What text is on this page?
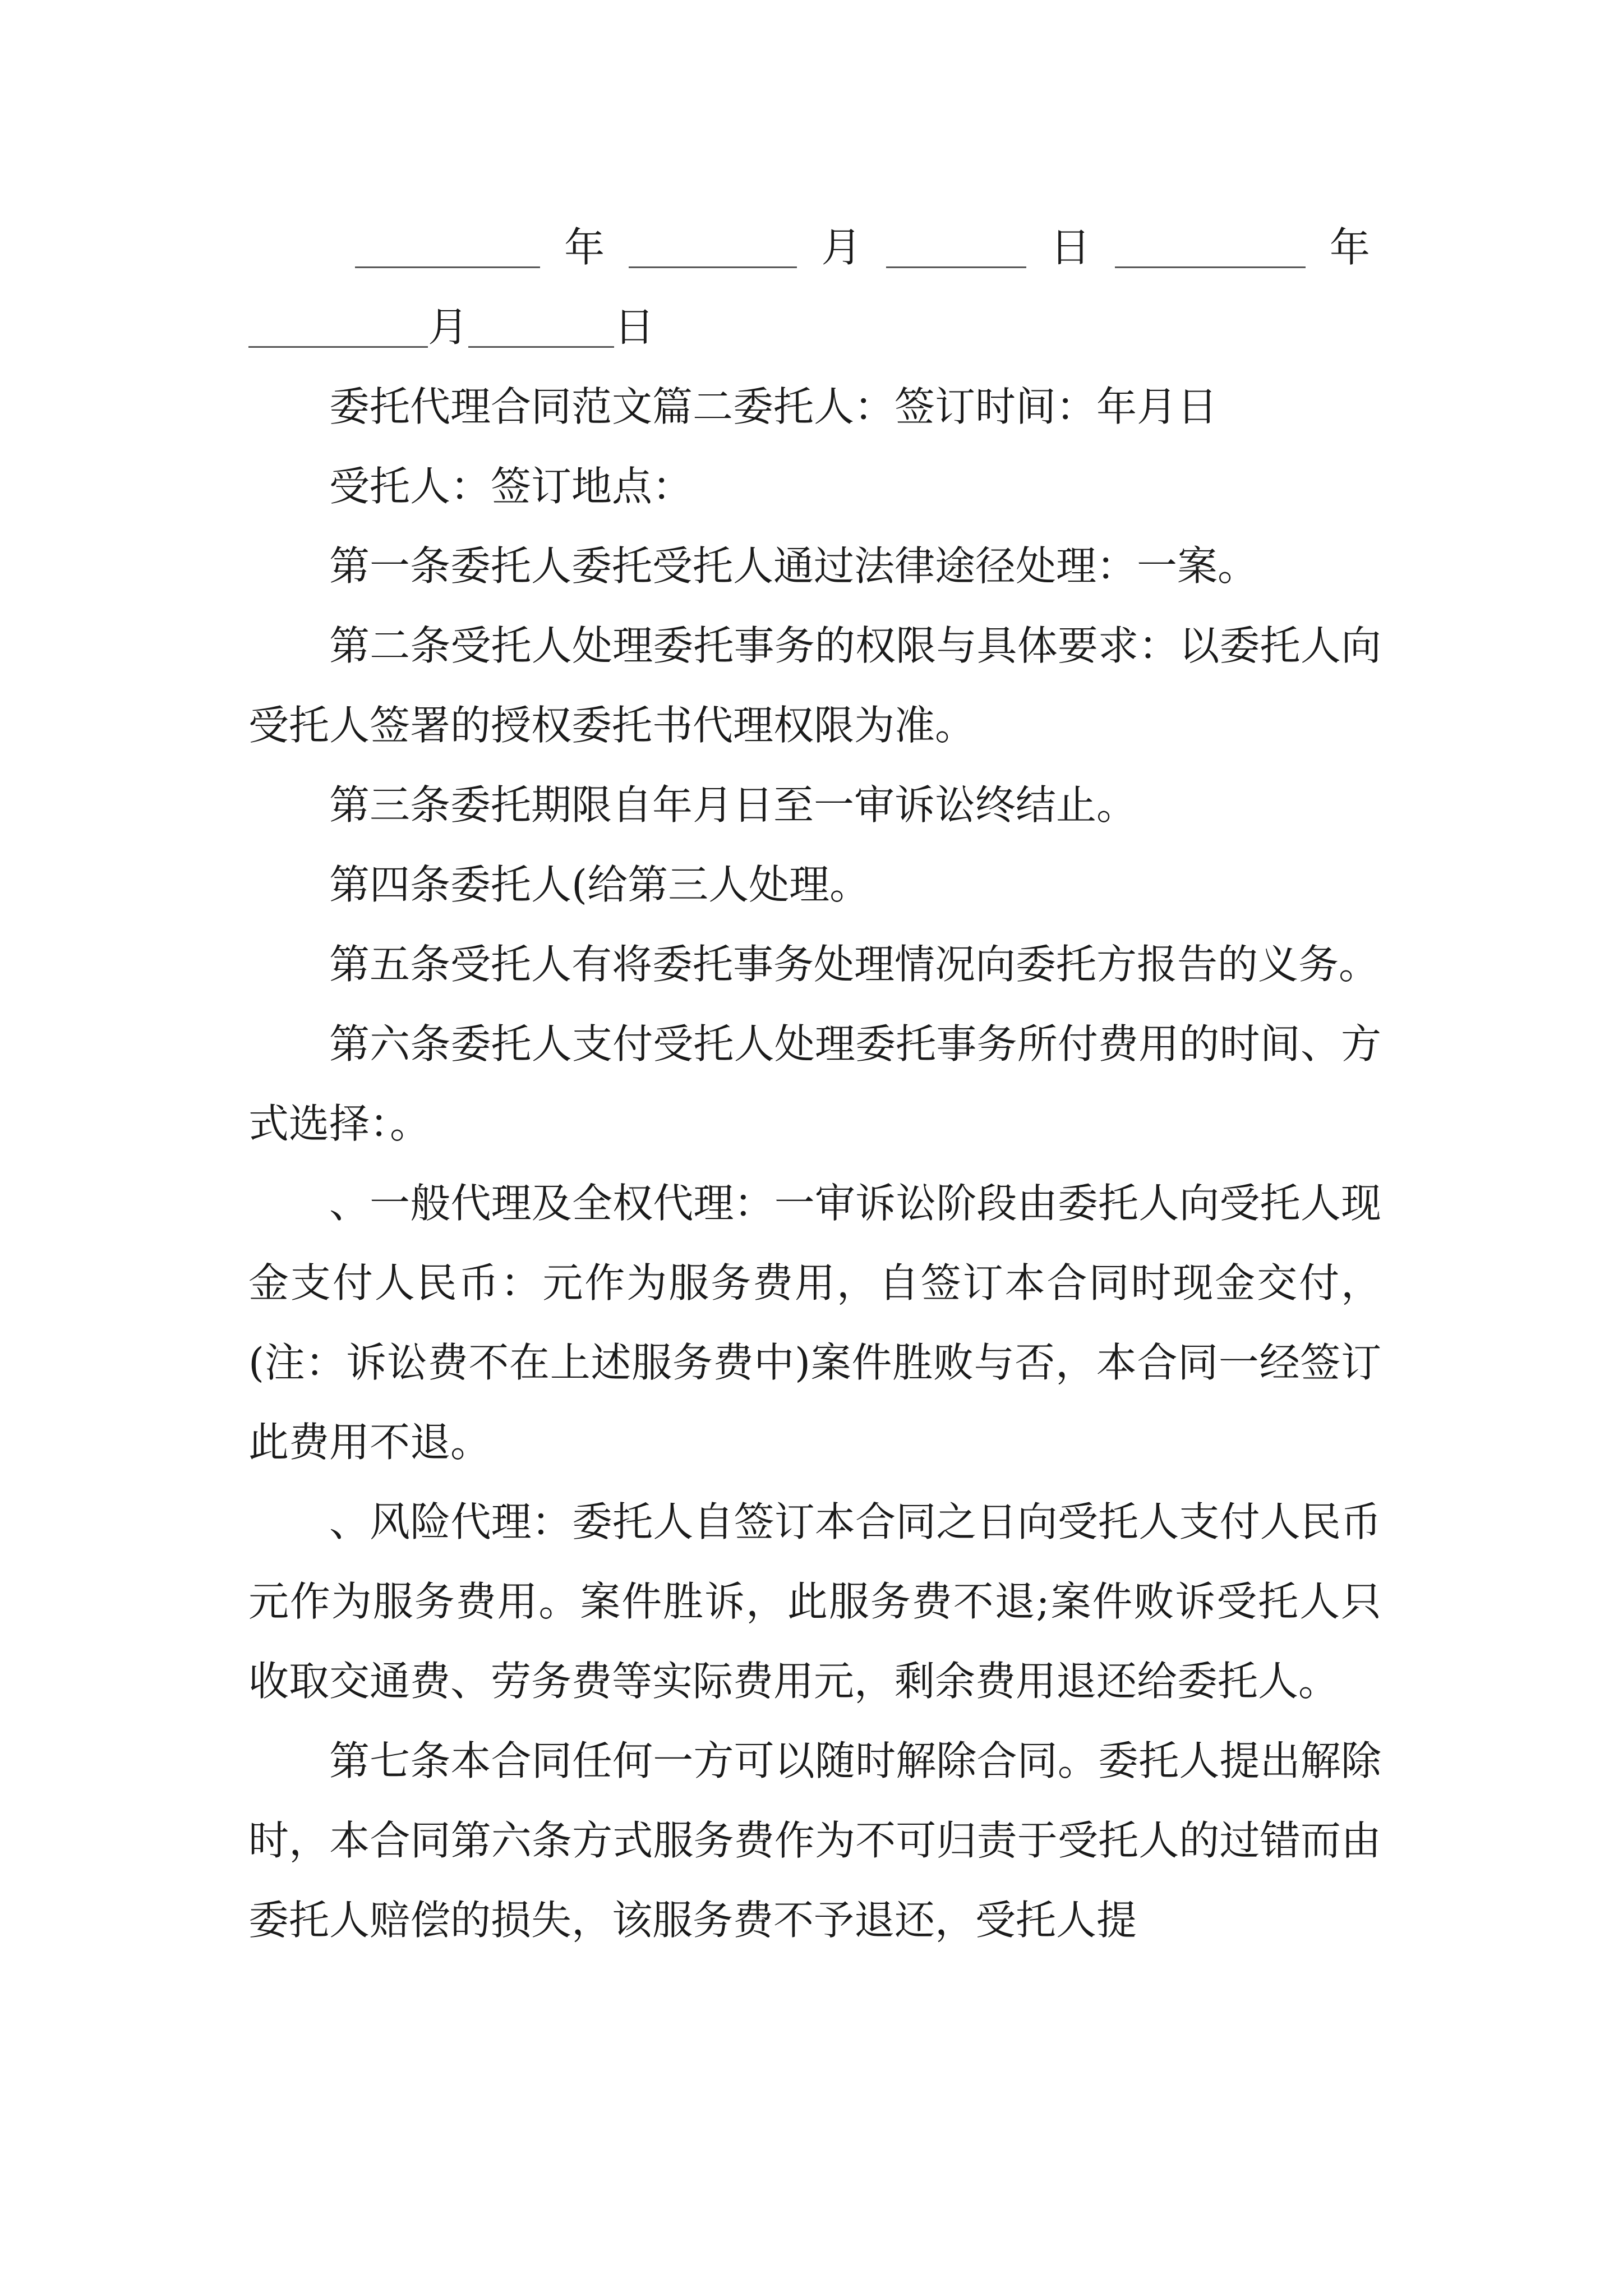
年	月	日	年
月	日

委托代理合同范文篇二委托人：签订时间：年月日

受托人：签订地点：

第一条委托人委托受托人通过法律途径处理：一案。

第二条受托人处理委托事务的权限与具体要求：以委托人向受托人签署的授权委托书代理权限为准。

第三条委托期限自年月日至一审诉讼终结止。

第四条委托人(给第三人处理。

第五条受托人有将委托事务处理情况向委托方报告的义务。

第六条委托人支付受托人处理委托事务所付费用的时间、方式选择：。

、一般代理及全权代理：一审诉讼阶段由委托人向受托人现金支付人民币：元作为服务费用，自签订本合同时现金交付，(注：诉讼费不在上述服务费中)案件胜败与否，本合同一经签订此费用不退。

、风险代理：委托人自签订本合同之日向受托人支付人民币元作为服务费用。案件胜诉，此服务费不退;案件败诉受托人只收取交通费、劳务费等实际费用元，剩余费用退还给委托人。

第七条本合同任何一方可以随时解除合同。委托人提出解除时，本合同第六条方式服务费作为不可归责于受托人的过错而由委托人赔偿的损失，该服务费不予退还，受托人提
